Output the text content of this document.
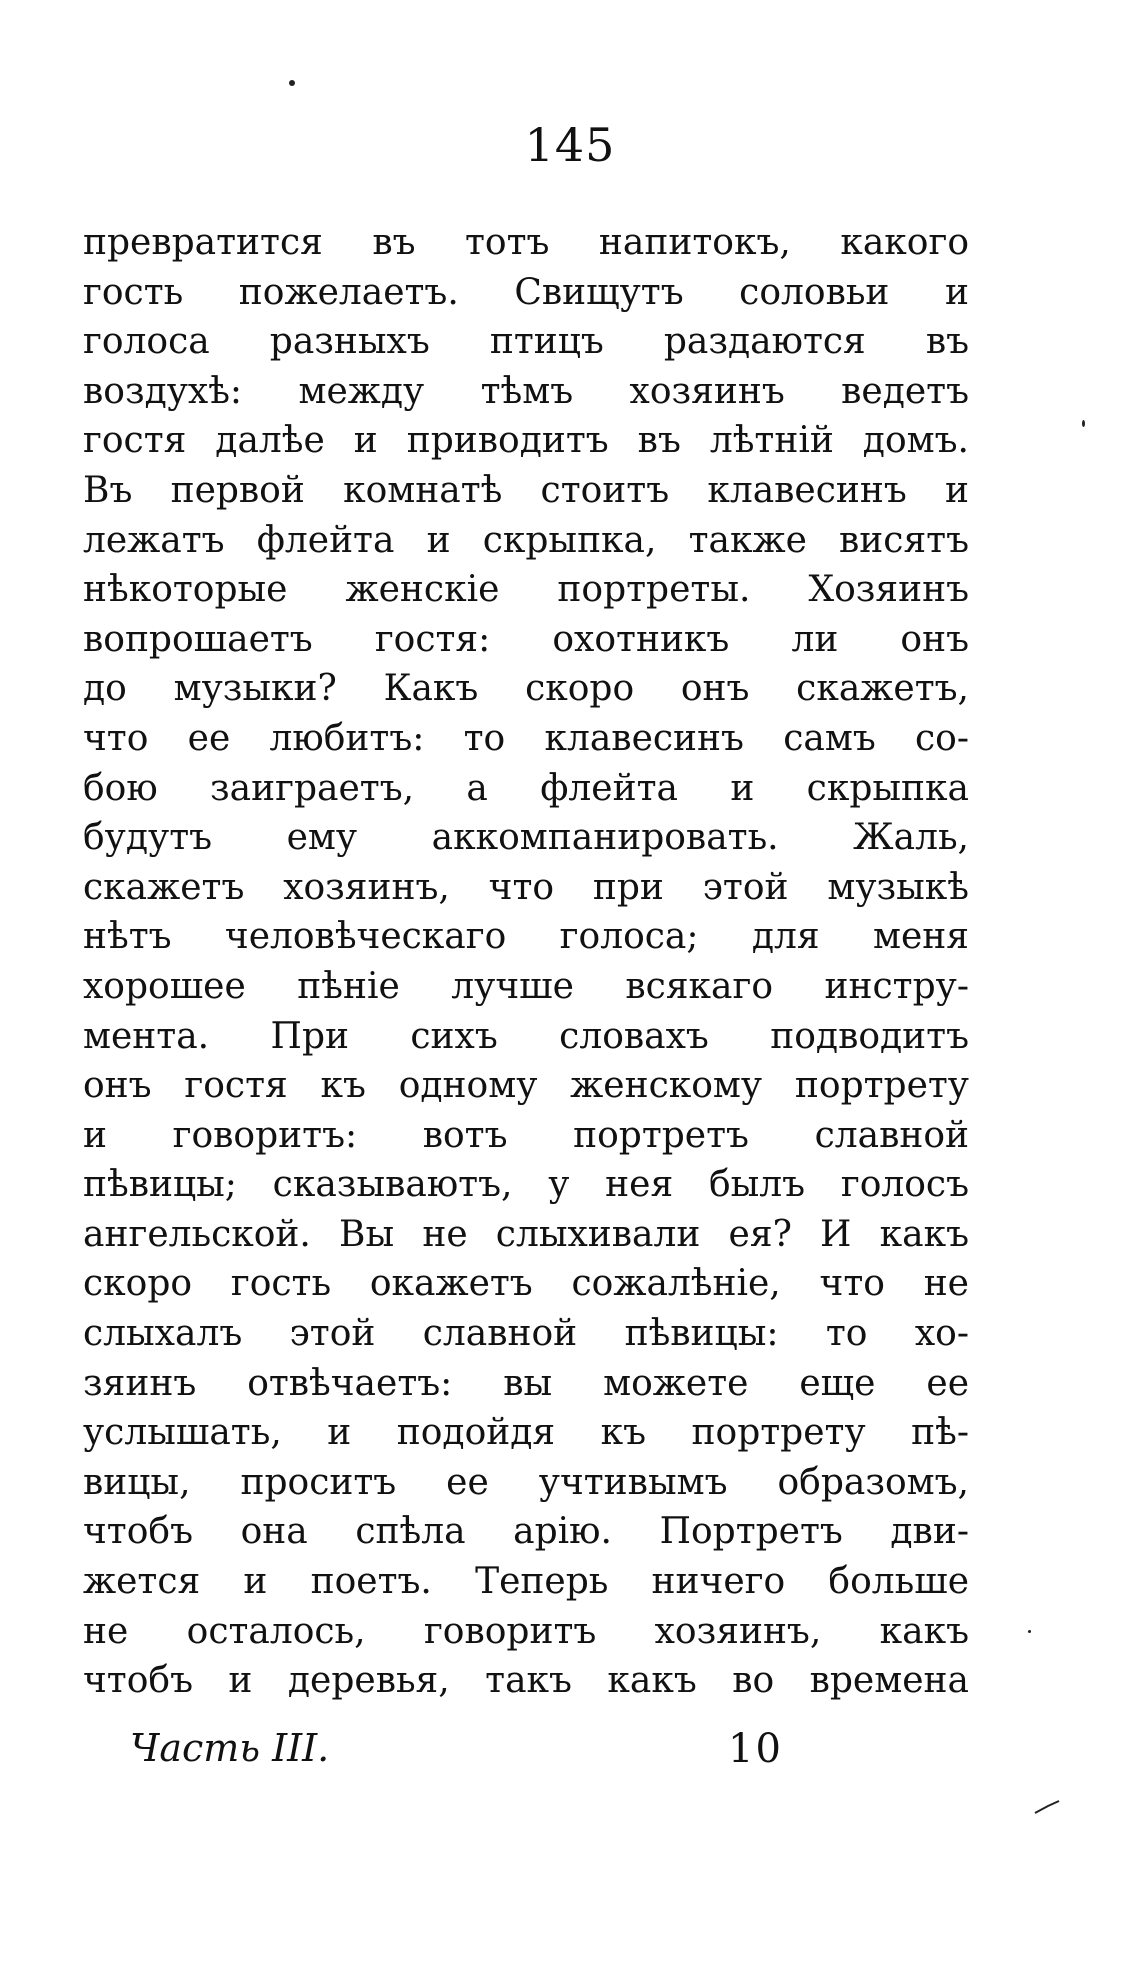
145
превратится въ тотъ напитокъ, какого
гость пожелаетъ. Свищутъ соловьи и
голоса разныхъ птицъ раздаются въ
воздухѣ: между тѣмъ хозяинъ ведетъ
гостя далѣе и приводитъ въ лѣтній домъ.
Въ первой комнатѣ стоитъ клавесинъ и
лежатъ флейта и скрыпка, также висятъ
нѣкоторые женскіе портреты. Хозяинъ
вопрошаетъ гостя: охотникъ ли онъ
до музыки? Какъ скоро онъ скажетъ,
что ее любитъ: то клавесинъ самъ со-
бою заиграетъ, а флейта и скрыпка
будутъ ему аккомпанировать. Жаль,
скажетъ хозяинъ, что при этой музыкѣ
нѣтъ человѣческаго голоса; для меня
хорошее пѣніе лучше всякаго инстру-
мента. При сихъ словахъ подводитъ
онъ гостя къ одному женскому портрету
и говоритъ: вотъ портретъ славной
пѣвицы; сказываютъ, у нея былъ голосъ
ангельской. Вы не слыхивали ея? И какъ
скоро гость окажетъ сожалѣніе, что не
слыхалъ этой славной пѣвицы: то хо-
зяинъ отвѣчаетъ: вы можете еще ее
услышать, и подойдя къ портрету пѣ-
вицы, проситъ ее учтивымъ образомъ,
чтобъ она спѣла арію. Портретъ дви-
жется и поетъ. Теперь ничего больше
не осталось, говоритъ хозяинъ, какъ
чтобъ и деревья, такъ какъ во времена
Часть III.	10
